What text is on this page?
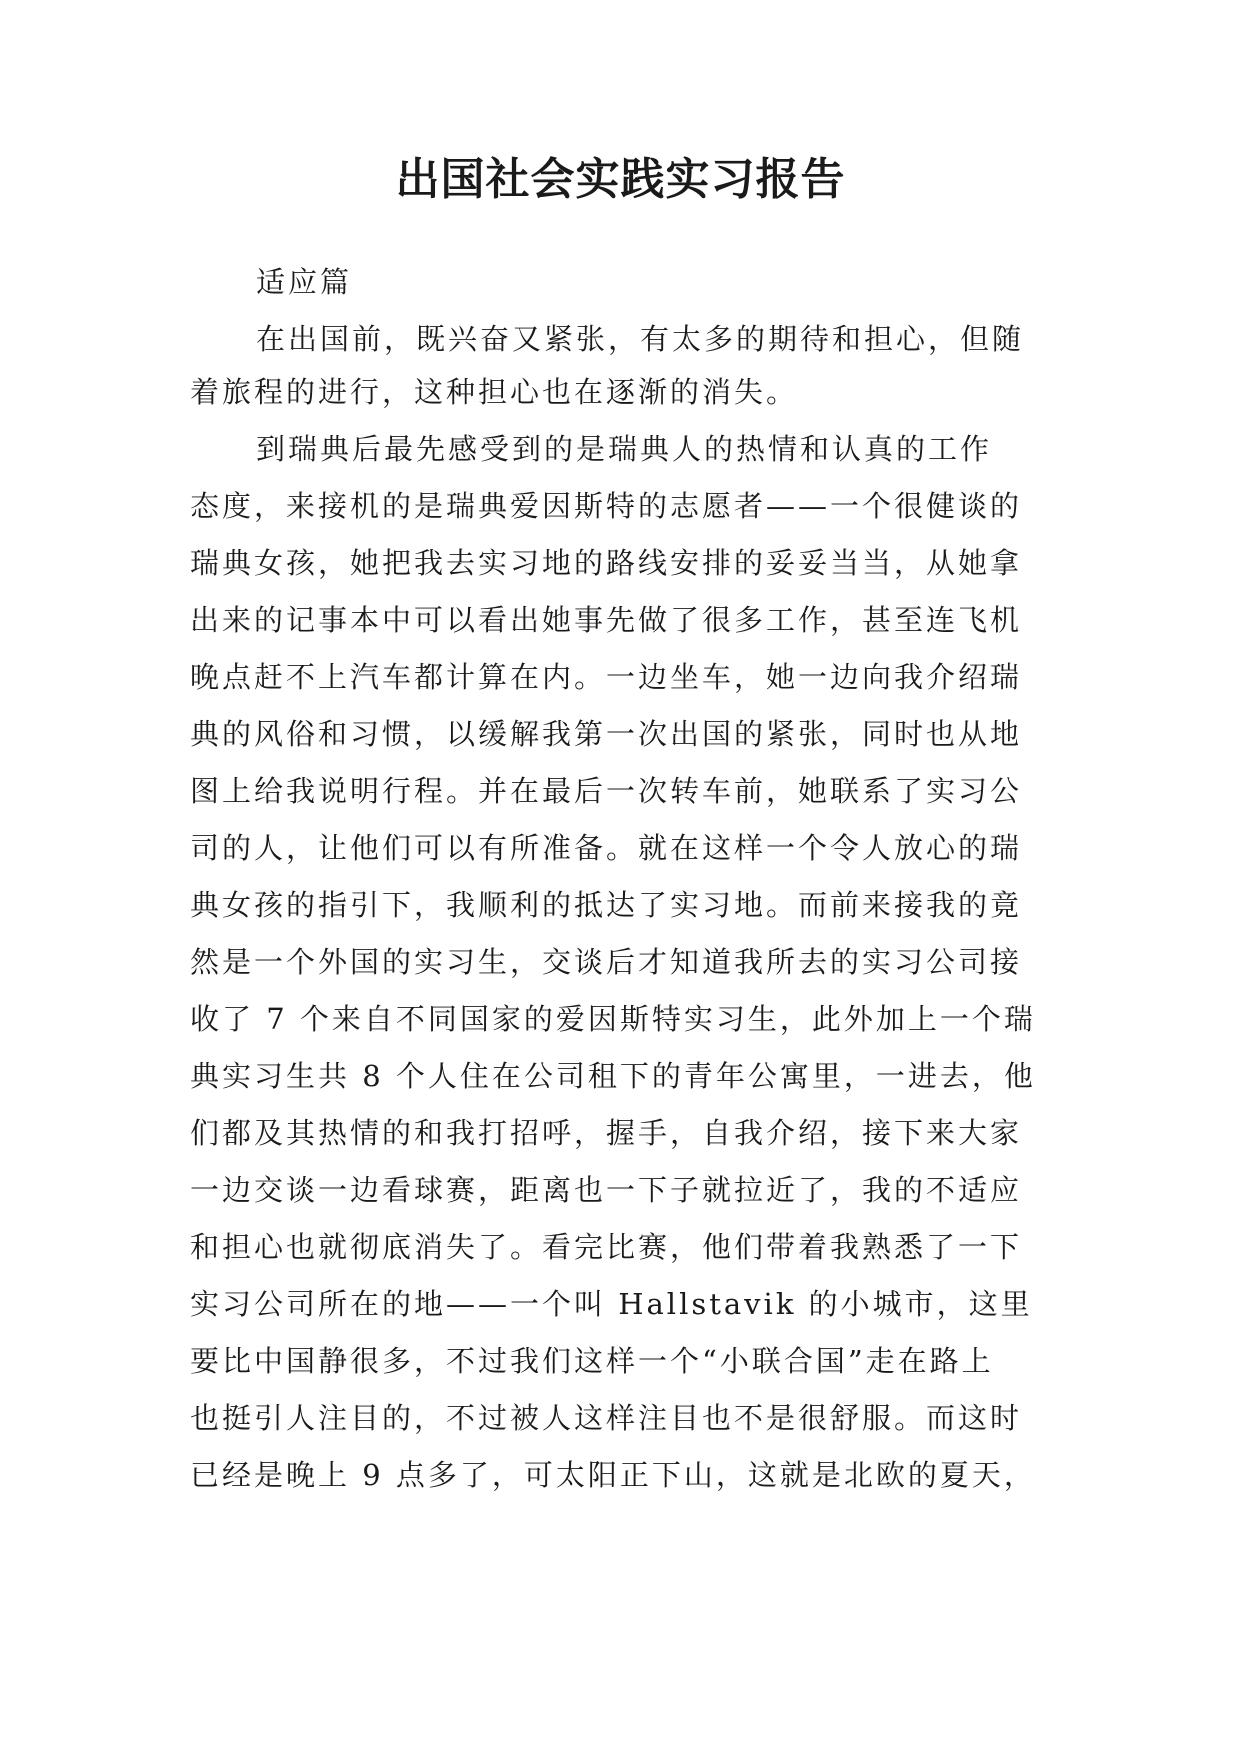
出国社会实践实习报告
适应篇
在出国前，既兴奋又紧张，有太多的期待和担心，但随
着旅程的进行，这种担心也在逐渐的消失。
到瑞典后最先感受到的是瑞典人的热情和认真的工作
态度，来接机的是瑞典爱因斯特的志愿者——一个很健谈的
瑞典女孩，她把我去实习地的路线安排的妥妥当当，从她拿
出来的记事本中可以看出她事先做了很多工作，甚至连飞机
晚点赶不上汽车都计算在内。一边坐车，她一边向我介绍瑞
典的风俗和习惯，以缓解我第一次出国的紧张，同时也从地
图上给我说明行程。并在最后一次转车前，她联系了实习公
司的人，让他们可以有所准备。就在这样一个令人放心的瑞
典女孩的指引下，我顺利的抵达了实习地。而前来接我的竟
然是一个外国的实习生，交谈后才知道我所去的实习公司接
收了 7 个来自不同国家的爱因斯特实习生，此外加上一个瑞
典实习生共 8 个人住在公司租下的青年公寓里，一进去，他
们都及其热情的和我打招呼，握手，自我介绍，接下来大家
一边交谈一边看球赛，距离也一下子就拉近了，我的不适应
和担心也就彻底消失了。看完比赛，他们带着我熟悉了一下
实习公司所在的地——一个叫 Hallstavik 的小城市，这里
要比中国静很多，不过我们这样一个“小联合国”走在路上
也挺引人注目的，不过被人这样注目也不是很舒服。而这时
已经是晚上 9 点多了，可太阳正下山，这就是北欧的夏天，
